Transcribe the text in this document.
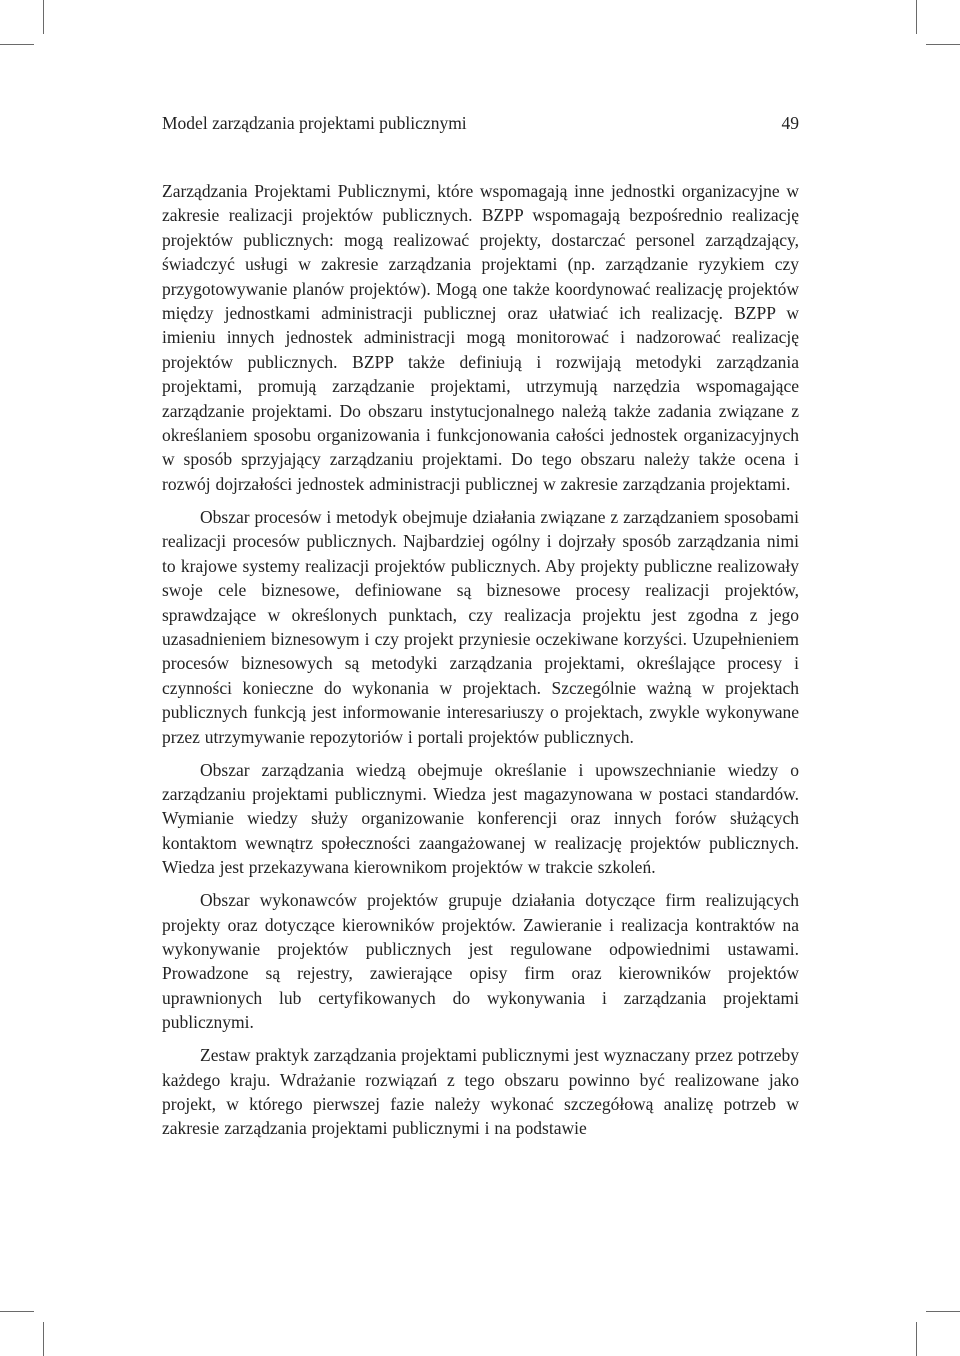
Model zarządzania projektami publicznymi	49

Zarządzania Projektami Publicznymi, które wspomagają inne jednostki organizacyjne w zakresie realizacji projektów publicznych. BZPP wspomagają bezpośrednio realizację projektów publicznych: mogą realizować projekty, dostarczać personel zarządzający, świadczyć usługi w zakresie zarządzania projektami (np. zarządzanie ryzykiem czy przygotowywanie planów projektów). Mogą one także koordynować realizację projektów między jednostkami administracji publicznej oraz ułatwiać ich realizację. BZPP w imieniu innych jednostek administracji mogą monitorować i nadzorować realizację projektów publicznych. BZPP także definiują i rozwijają metodyki zarządzania projektami, promują zarządzanie projektami, utrzymują narzędzia wspomagające zarządzanie projektami. Do obszaru instytucjonalnego należą także zadania związane z określaniem sposobu organizowania i funkcjonowania całości jednostek organizacyjnych w sposób sprzyjający zarządzaniu projektami. Do tego obszaru należy także ocena i rozwój dojrzałości jednostek administracji publicznej w zakresie zarządzania projektami.

Obszar procesów i metodyk obejmuje działania związane z zarządzaniem sposobami realizacji procesów publicznych. Najbardziej ogólny i dojrzały sposób zarządzania nimi to krajowe systemy realizacji projektów publicznych. Aby projekty publiczne realizowały swoje cele biznesowe, definiowane są biznesowe procesy realizacji projektów, sprawdzające w określonych punktach, czy realizacja projektu jest zgodna z jego uzasadnieniem biznesowym i czy projekt przyniesie oczekiwane korzyści. Uzupełnieniem procesów biznesowych są metodyki zarządzania projektami, określające procesy i czynności konieczne do wykonania w projektach. Szczególnie ważną w projektach publicznych funkcją jest informowanie interesariuszy o projektach, zwykle wykonywane przez utrzymywanie repozytoriów i portali projektów publicznych.

Obszar zarządzania wiedzą obejmuje określanie i upowszechnianie wiedzy o zarządzaniu projektami publicznymi. Wiedza jest magazynowana w postaci standardów. Wymianie wiedzy służy organizowanie konferencji oraz innych forów służących kontaktom wewnątrz społeczności zaangażowanej w realizację projektów publicznych. Wiedza jest przekazywana kierownikom projektów w trakcie szkoleń.

Obszar wykonawców projektów grupuje działania dotyczące firm realizujących projekty oraz dotyczące kierowników projektów. Zawieranie i realizacja kontraktów na wykonywanie projektów publicznych jest regulowane odpowiednimi ustawami. Prowadzone są rejestry, zawierające opisy firm oraz kierowników projektów uprawnionych lub certyfikowanych do wykonywania i zarządzania projektami publicznymi.

Zestaw praktyk zarządzania projektami publicznymi jest wyznaczany przez potrzeby każdego kraju. Wdrażanie rozwiązań z tego obszaru powinno być realizowane jako projekt, w którego pierwszej fazie należy wykonać szczegółową analizę potrzeb w zakresie zarządzania projektami publicznymi i na podstawie
